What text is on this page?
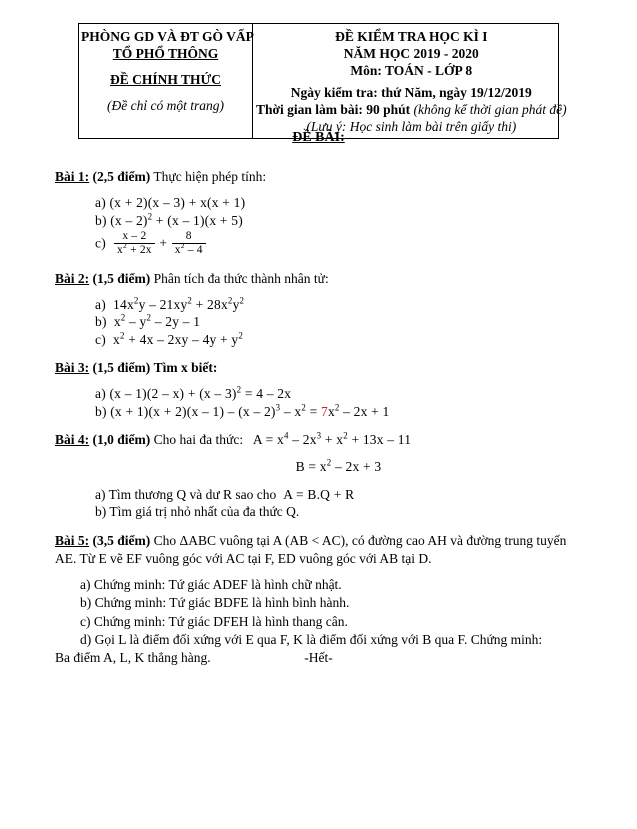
PHÒNG GD VÀ ĐT GÒ VẤP
TỔ PHỔ THÔNG
ĐỀ CHÍNH THỨC
(Đề chỉ có một trang)
ĐỀ KIỂM TRA HỌC KÌ I
NĂM HỌC 2019 - 2020
Môn: TOÁN - LỚP 8
Ngày kiểm tra: thứ Năm, ngày 19/12/2019
Thời gian làm bài: 90 phút (không kể thời gian phát đề)
(Lưu ý: Học sinh làm bài trên giấy thi)
ĐỀ BÀI:
Bài 1: (2,5 điểm) Thực hiện phép tính:
a) (x + 2)(x – 3) + x(x + 1)
b) (x – 2)$^2$ + (x – 1)(x + 5)
$c) \frac{x - 2}{x^2 + 2x} + \frac{8}{x^2 - 4}$
Bài 2: (1,5 điểm) Phân tích đa thức thành nhân tử:
a) $14x^2y - 21xy^2 + 28x^2y^2$
b) $x^2 - y^2 - 2y - 1$
c) $x^2 + 4x - 2xy - 4y + y^2$
Bài 3: (1,5 điểm) Tìm x biết:
a) (x – 1)(2 – x) + (x – 3)$^2$ = 4 – 2x
b) $(x + 1)(x + 2)(x - 1) - (x - 2)^3 - x^2 = 7x^2 - 2x + 1$
Bài 4: (1,0 điểm) Cho hai đa thức:   $A = x^4 - 2x^3 + x^2 + 13x - 11$
$B = x^2 - 2x + 3$
a) Tìm thương Q và dư R sao cho  A = B.Q + R
b) Tìm giá trị nhỏ nhất của đa thức Q.
Bài 5: (3,5 điểm) Cho ΔABC vuông tại A (AB < AC), có đường cao AH và đường trung tuyến AE. Từ E vẽ EF vuông góc với AC tại F, ED vuông góc với AB tại D.
a) Chứng minh: Tứ giác ADEF là hình chữ nhật.
b) Chứng minh: Tứ giác BDFE là hình bình hành.
c) Chứng minh: Tứ giác DFEH là hình thang cân.
d) Gọi L là điểm đối xứng với E qua F, K là điểm đối xứng với B qua F. Chứng minh:
Ba điểm A, L, K thẳng hàng.	-Hết-
